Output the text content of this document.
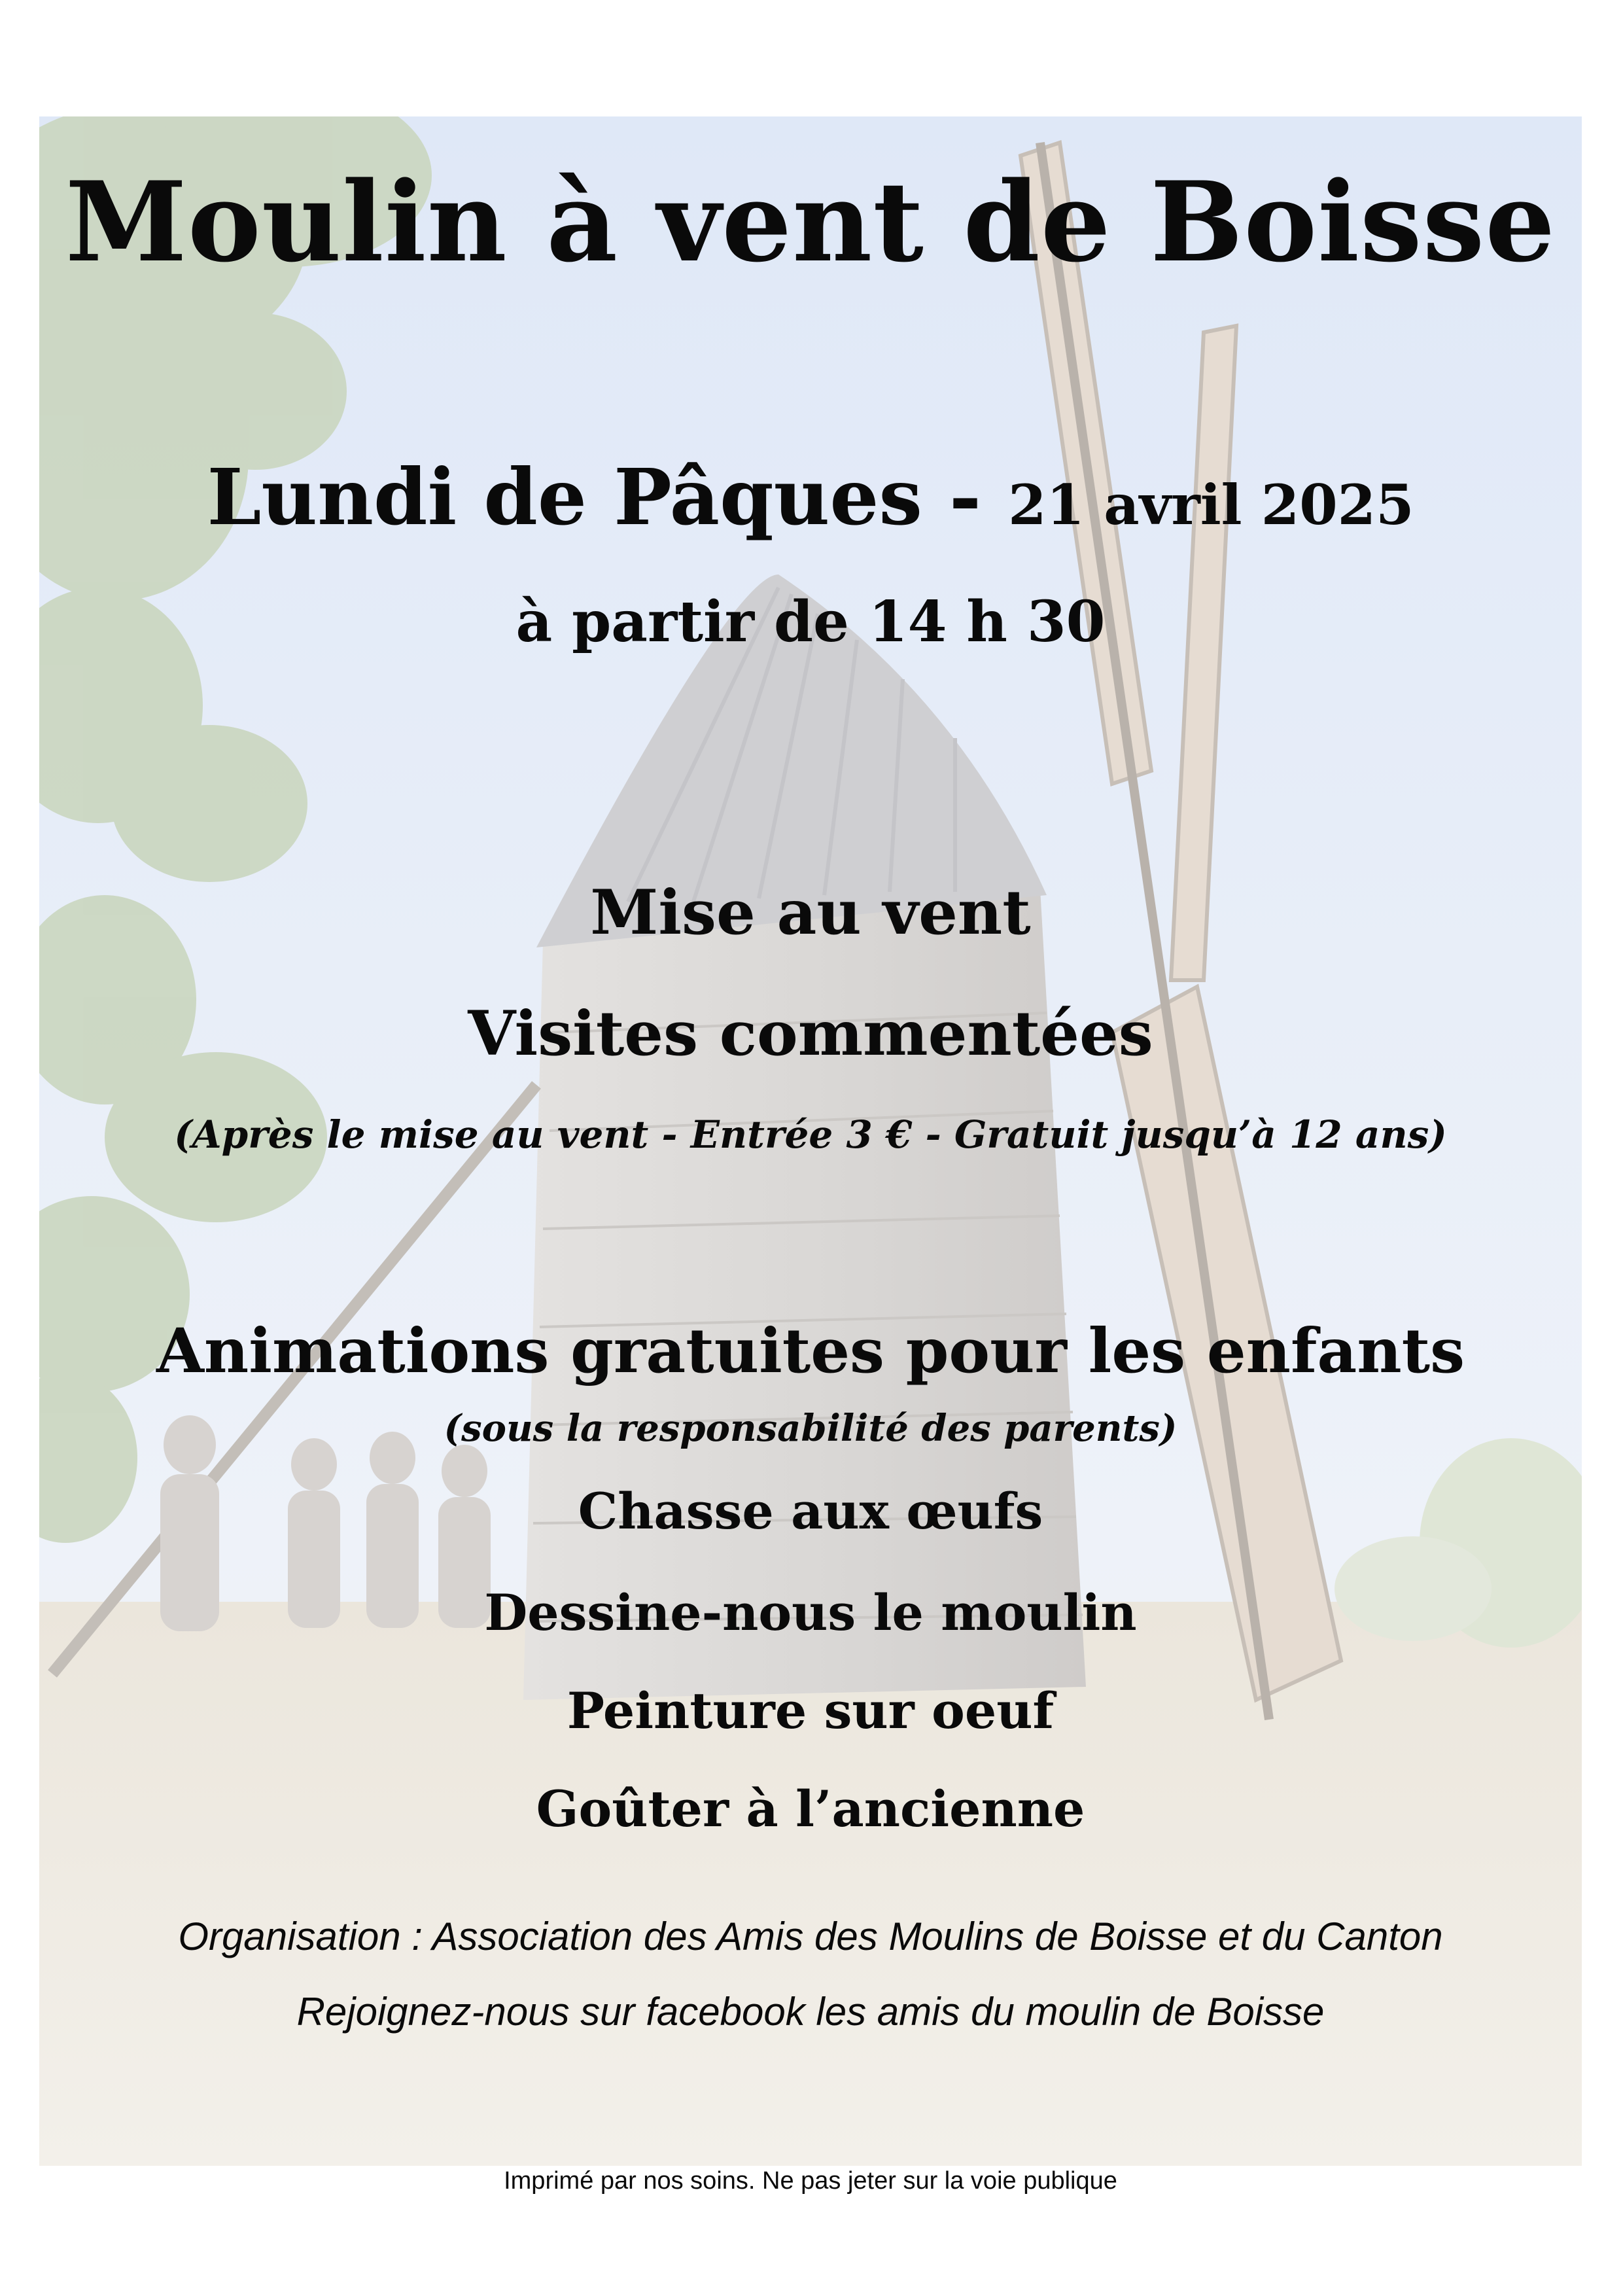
Moulin à vent de Boisse

Lundi de Pâques - 21 avril 2025

à partir de 14 h 30

Mise au vent

Visites commentées

(Après le mise au vent - Entrée 3 € - Gratuit jusqu’à 12 ans)

Animations gratuites pour les enfants

(sous la responsabilité des parents)

Chasse aux œufs

Dessine-nous le moulin

Peinture sur oeuf

Goûter à l’ancienne

Organisation : Association des Amis des Moulins de Boisse et du Canton

Rejoignez-nous sur facebook les amis du moulin de Boisse

Imprimé par nos soins. Ne pas jeter sur la voie publique
